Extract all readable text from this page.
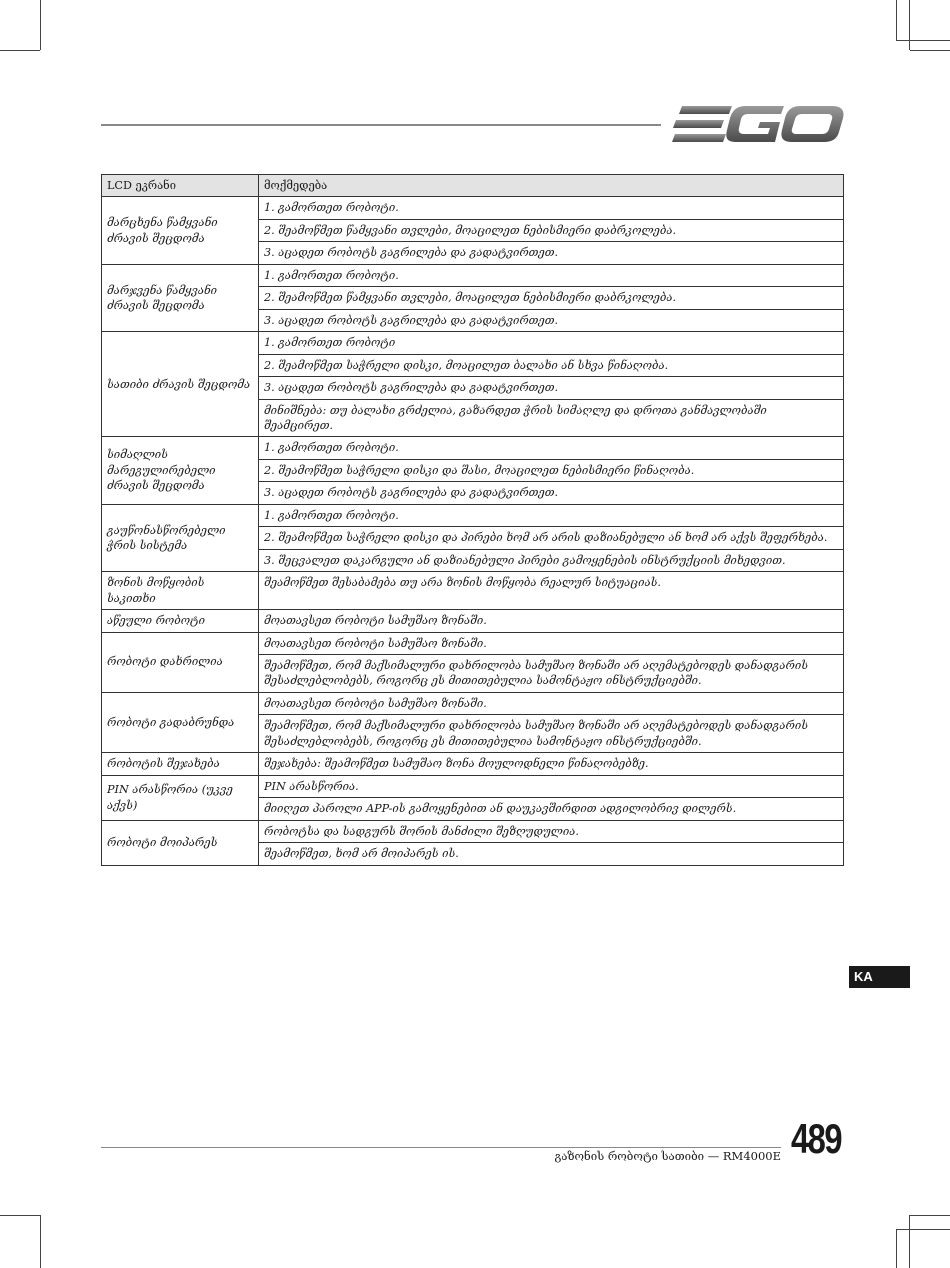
LCD ეკრანი	მოქმედება
მარცხენა წამყვანი ძრავის შეცდომა	1. გამორთეთ რობოტი.
	2. შეამოწმეთ წამყვანი თვლები, მოაცილეთ ნებისმიერი დაბრკოლება.
	3. აცადეთ რობოტს გაგრილება და გადატვირთეთ.
მარჯვენა წამყვანი ძრავის შეცდომა	1. გამორთეთ რობოტი.
	2. შეამოწმეთ წამყვანი თვლები, მოაცილეთ ნებისმიერი დაბრკოლება.
	3. აცადეთ რობოტს გაგრილება და გადატვირთეთ.
სათიბი ძრავის შეცდომა	1. გამორთეთ რობოტი
	2. შეამოწმეთ საჭრელი დისკი, მოაცილეთ ბალახი ან სხვა წინაღობა.
	3. აცადეთ რობოტს გაგრილება და გადატვირთეთ.
	მინიშნება: თუ ბალახი გრძელია, გაზარდეთ ჭრის სიმაღლე და დროთა განმავლობაში შეამცირეთ.
სიმაღლის მარეგულირებელი ძრავის შეცდომა	1. გამორთეთ რობოტი.
	2. შეამოწმეთ საჭრელი დისკი და შასი, მოაცილეთ ნებისმიერი წინაღობა.
	3. აცადეთ რობოტს გაგრილება და გადატვირთეთ.
გაუწონასწორებელი ჭრის სისტემა	1. გამორთეთ რობოტი.
	2. შეამოწმეთ საჭრელი დისკი და პირები ხომ არ არის დაზიანებული ან ხომ არ აქვს შეფერხება.
	3. შეცვალეთ დაკარგული ან დაზიანებული პირები გამოყენების ინსტრუქციის მიხედვით.
ზონის მოწყობის საკითხი	შეამოწმეთ შესაბამება თუ არა ზონის მოწყობა რეალურ სიტუაციას.
აწეული რობოტი	მოათავსეთ რობოტი სამუშაო ზონაში.
რობოტი დახრილია	მოათავსეთ რობოტი სამუშაო ზონაში.
	შეამოწმეთ, რომ მაქსიმალური დახრილობა სამუშაო ზონაში არ აღემატებოდეს დანადგარის შესაძლებლობებს, როგორც ეს მითითებულია სამონტაჟო ინსტრუქციებში.
რობოტი გადაბრუნდა	მოათავსეთ რობოტი სამუშაო ზონაში.
	შეამოწმეთ, რომ მაქსიმალური დახრილობა სამუშაო ზონაში არ აღემატებოდეს დანადგარის შესაძლებლობებს, როგორც ეს მითითებულია სამონტაჟო ინსტრუქციებში.
რობოტის შეჯახება	შეჯახება: შეამოწმეთ სამუშაო ზონა მოულოდნელი წინაღობებზე.
PIN არასწორია (უკვე აქვს)	PIN არასწორია.
	მიიღეთ პაროლი APP-ის გამოყენებით ან დაუკავშირდით ადგილობრივ დილერს.
რობოტი მოიპარეს	რობოტსა და სადგურს შორის მანძილი შეზღუდულია.
	შეამოწმეთ, ხომ არ მოიპარეს ის.
KA
გაზონის რობოტი სათიბი — RM4000E 489
